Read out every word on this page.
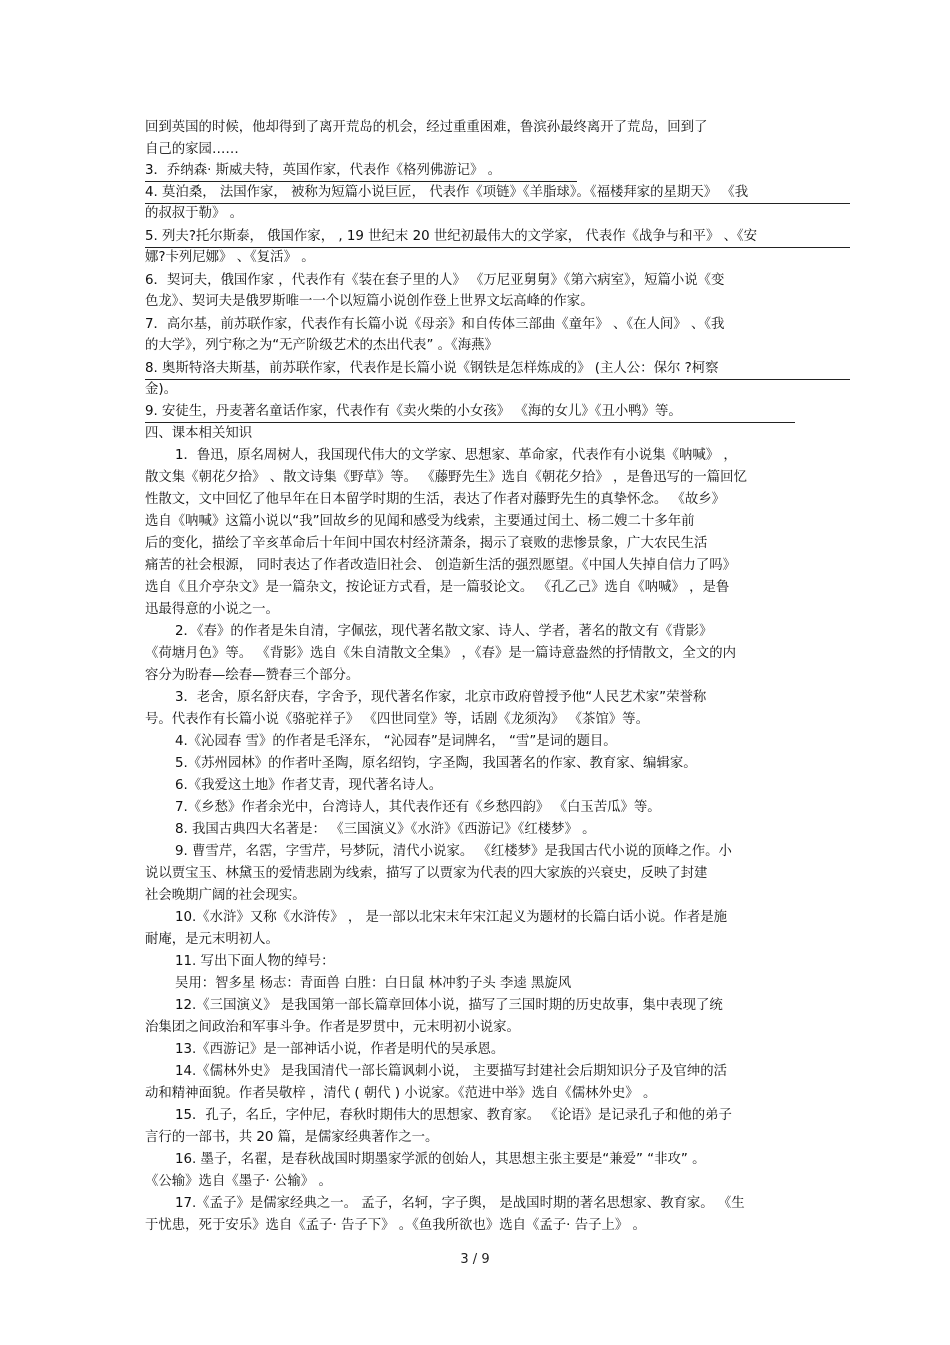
回到英国的时候，他却得到了离开荒岛的机会，经过重重困难，鲁滨孙最终离开了荒岛，回到了
自己的家园……
3．乔纳森· 斯威夫特，英国作家，代表作《格列佛游记》 。
4. 莫泊桑， 法国作家， 被称为短篇小说巨匠， 代表作《项链》《羊脂球》。《福楼拜家的星期天》 《我
的叔叔于勒》 。
5. 列夫?托尔斯泰， 俄国作家， , 19 世纪末 20 世纪初最伟大的文学家， 代表作《战争与和平》 、《安
娜?卡列尼娜》 、《复活》 。
6．契诃夫，俄国作家 ，代表作有《装在套子里的人》 《万尼亚舅舅》《第六病室》，短篇小说《变
色龙》、契诃夫是俄罗斯唯一一个以短篇小说创作登上世界文坛高峰的作家。
7．高尔基，前苏联作家，代表作有长篇小说《母亲》和自传体三部曲《童年》 、《在人间》 、《我
的大学》，列宁称之为“无产阶级艺术的杰出代表” 。《海燕》
8. 奥斯特洛夫斯基，前苏联作家，代表作是长篇小说《钢铁是怎样炼成的》 (主人公：保尔 ?柯察
金)。
9. 安徒生，丹麦著名童话作家，代表作有《卖火柴的小女孩》 《海的女儿》《丑小鸭》等。
四、课本相关知识
1．鲁迅，原名周树人，我国现代伟大的文学家、思想家、革命家，代表作有小说集《呐喊》 ，
散文集《朝花夕拾》 、散文诗集《野草》等。 《藤野先生》选自《朝花夕拾》 ，是鲁迅写的一篇回忆
性散文，文中回忆了他早年在日本留学时期的生活，表达了作者对藤野先生的真挚怀念。 《故乡》
选自《呐喊》这篇小说以“我”回故乡的见闻和感受为线索，主要通过闰土、杨二嫂二十多年前
后的变化，描绘了辛亥革命后十年间中国农村经济萧条，揭示了衰败的悲惨景象，广大农民生活
痛苦的社会根源， 同时表达了作者改造旧社会、 创造新生活的强烈愿望。《中国人失掉自信力了吗》
选自《且介亭杂文》是一篇杂文，按论证方式看，是一篇驳论文。 《孔乙己》选自《呐喊》 ，是鲁
迅最得意的小说之一。
2．《春》的作者是朱自清，字佩弦，现代著名散文家、诗人、学者，著名的散文有《背影》
《荷塘月色》等。 《背影》选自《朱自清散文全集》 ，《春》是一篇诗意盎然的抒情散文，全文的内
容分为盼春—绘春—赞春三个部分。
3．老舍，原名舒庆春，字舍予，现代著名作家，北京市政府曾授予他“人民艺术家”荣誉称
号。代表作有长篇小说《骆驼祥子》 《四世同堂》等，话剧《龙须沟》 《茶馆》等。
4.《沁园春 雪》的作者是毛泽东， “沁园春”是词牌名， “雪”是词的题目。
5.《苏州园林》的作者叶圣陶，原名绍钧，字圣陶，我国著名的作家、教育家、编辑家。
6.《我爱这土地》作者艾青，现代著名诗人。
7.《乡愁》作者余光中，台湾诗人，其代表作还有《乡愁四韵》 《白玉苦瓜》等。
8. 我国古典四大名著是： 《三国演义》《水浒》《西游记》《红楼梦》 。
9. 曹雪芹，名霑，字雪芹，号梦阮，清代小说家。 《红楼梦》是我国古代小说的顶峰之作。小
说以贾宝玉、林黛玉的爱情悲剧为线索，描写了以贾家为代表的四大家族的兴衰史，反映了封建
社会晚期广阔的社会现实。
10.《水浒》又称《水浒传》 ， 是一部以北宋末年宋江起义为题材的长篇白话小说。作者是施
耐庵，是元末明初人。
11. 写出下面人物的绰号：
吴用：智多星 杨志：青面兽 白胜：白日鼠 林冲豹子头 李逵 黑旋风
12.《三国演义》 是我国第一部长篇章回体小说，描写了三国时期的历史故事，集中表现了统
治集团之间政治和军事斗争。作者是罗贯中，元末明初小说家。
13.《西游记》是一部神话小说，作者是明代的吴承恩。
14.《儒林外史》 是我国清代一部长篇讽刺小说， 主要描写封建社会后期知识分子及官绅的活
动和精神面貌。作者吴敬梓 ，清代 ( 朝代 ) 小说家。《范进中举》选自《儒林外史》 。
15．孔子，名丘，字仲尼，春秋时期伟大的思想家、教育家。 《论语》是记录孔子和他的弟子
言行的一部书，共 20 篇，是儒家经典著作之一。
16. 墨子，名翟，是春秋战国时期墨家学派的创始人，其思想主张主要是“兼爱” “非攻” 。
《公输》选自《墨子· 公输》 。
17.《孟子》是儒家经典之一。 孟子，名轲，字子舆， 是战国时期的著名思想家、教育家。 《生
于忧患，死于安乐》选自《孟子· 告子下》 。《鱼我所欲也》选自《孟子· 告子上》 。
3 / 9
